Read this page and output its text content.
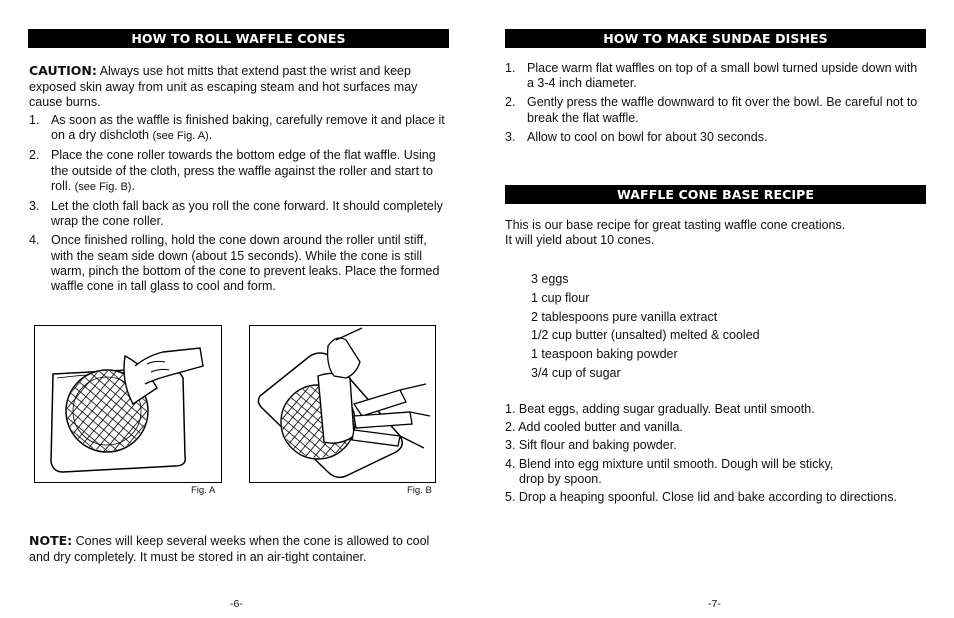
HOW TO ROLL WAFFLE CONES
CAUTION: Always use hot mitts that extend past the wrist and keep exposed skin away from unit as escaping steam and hot surfaces may cause burns.
1. As soon as the waffle is finished baking, carefully remove it and place it on a dry dishcloth (see Fig. A).
2. Place the cone roller towards the bottom edge of the flat waffle. Using the outside of the cloth, press the waffle against the roller and start to roll. (see Fig. B).
3. Let the cloth fall back as you roll the cone forward. It should completely wrap the cone roller.
4. Once finished rolling, hold the cone down around the roller until stiff, with the seam side down (about 15 seconds). While the cone is still warm, pinch the bottom of the cone to prevent leaks. Place the formed waffle cone in tall glass to cool and form.
Fig. A	Fig. B
NOTE: Cones will keep several weeks when the cone is allowed to cool and dry completely. It must be stored in an air-tight container.
-6-
HOW TO MAKE SUNDAE DISHES
1. Place warm flat waffles on top of a small bowl turned upside down with a 3-4 inch diameter.
2. Gently press the waffle downward to fit over the bowl. Be careful not to break the flat waffle.
3. Allow to cool on bowl for about 30 seconds.
WAFFLE CONE BASE RECIPE
This is our base recipe for great tasting waffle cone creations.
It will yield about 10 cones.
3 eggs
1 cup flour
2 tablespoons pure vanilla extract
1/2 cup butter (unsalted) melted & cooled
1 teaspoon baking powder
3/4 cup of sugar
1. Beat eggs, adding sugar gradually. Beat until smooth.
2. Add cooled butter and vanilla.
3. Sift flour and baking powder.
4. Blend into egg mixture until smooth. Dough will be sticky,
drop by spoon.
5. Drop a heaping spoonful. Close lid and bake according to directions.
-7-
